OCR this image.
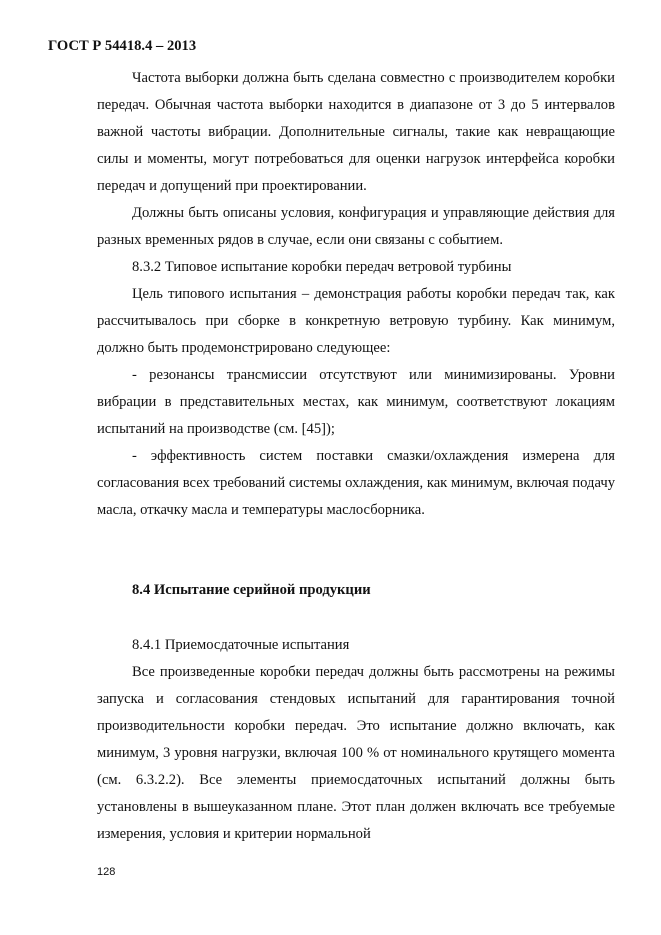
ГОСТ Р 54418.4 – 2013

Частота выборки должна быть сделана совместно с производителем коробки передач. Обычная частота выборки находится в диапазоне от 3 до 5 интервалов важной частоты вибрации. Дополнительные сигналы, такие как невращающие силы и моменты, могут потребоваться для оценки нагрузок интерфейса коробки передач и допущений при проектировании.

Должны быть описаны условия, конфигурация и управляющие действия для разных временных рядов в случае, если они связаны с событием.

8.3.2 Типовое испытание коробки передач ветровой турбины

Цель типового испытания – демонстрация работы коробки передач так, как рассчитывалось при сборке в конкретную ветровую турбину. Как минимум, должно быть продемонстрировано следующее:

- резонансы трансмиссии отсутствуют или минимизированы. Уровни вибрации в представительных местах, как минимум, соответствуют локациям испытаний на производстве (см. [45]);

- эффективность систем поставки смазки/охлаждения измерена для согласования всех требований системы охлаждения, как минимум, включая подачу масла, откачку масла и температуры маслосборника.

8.4 Испытание серийной продукции

8.4.1 Приемосдаточные испытания

Все произведенные коробки передач должны быть рассмотрены на режимы запуска и согласования стендовых испытаний для гарантирования точной производительности коробки передач. Это испытание должно включать, как минимум, 3 уровня нагрузки, включая 100 % от номинального крутящего момента (см. 6.3.2.2). Все элементы приемосдаточных испытаний должны быть установлены в вышеуказанном плане. Этот план должен включать все требуемые измерения, условия и критерии нормальной

128
